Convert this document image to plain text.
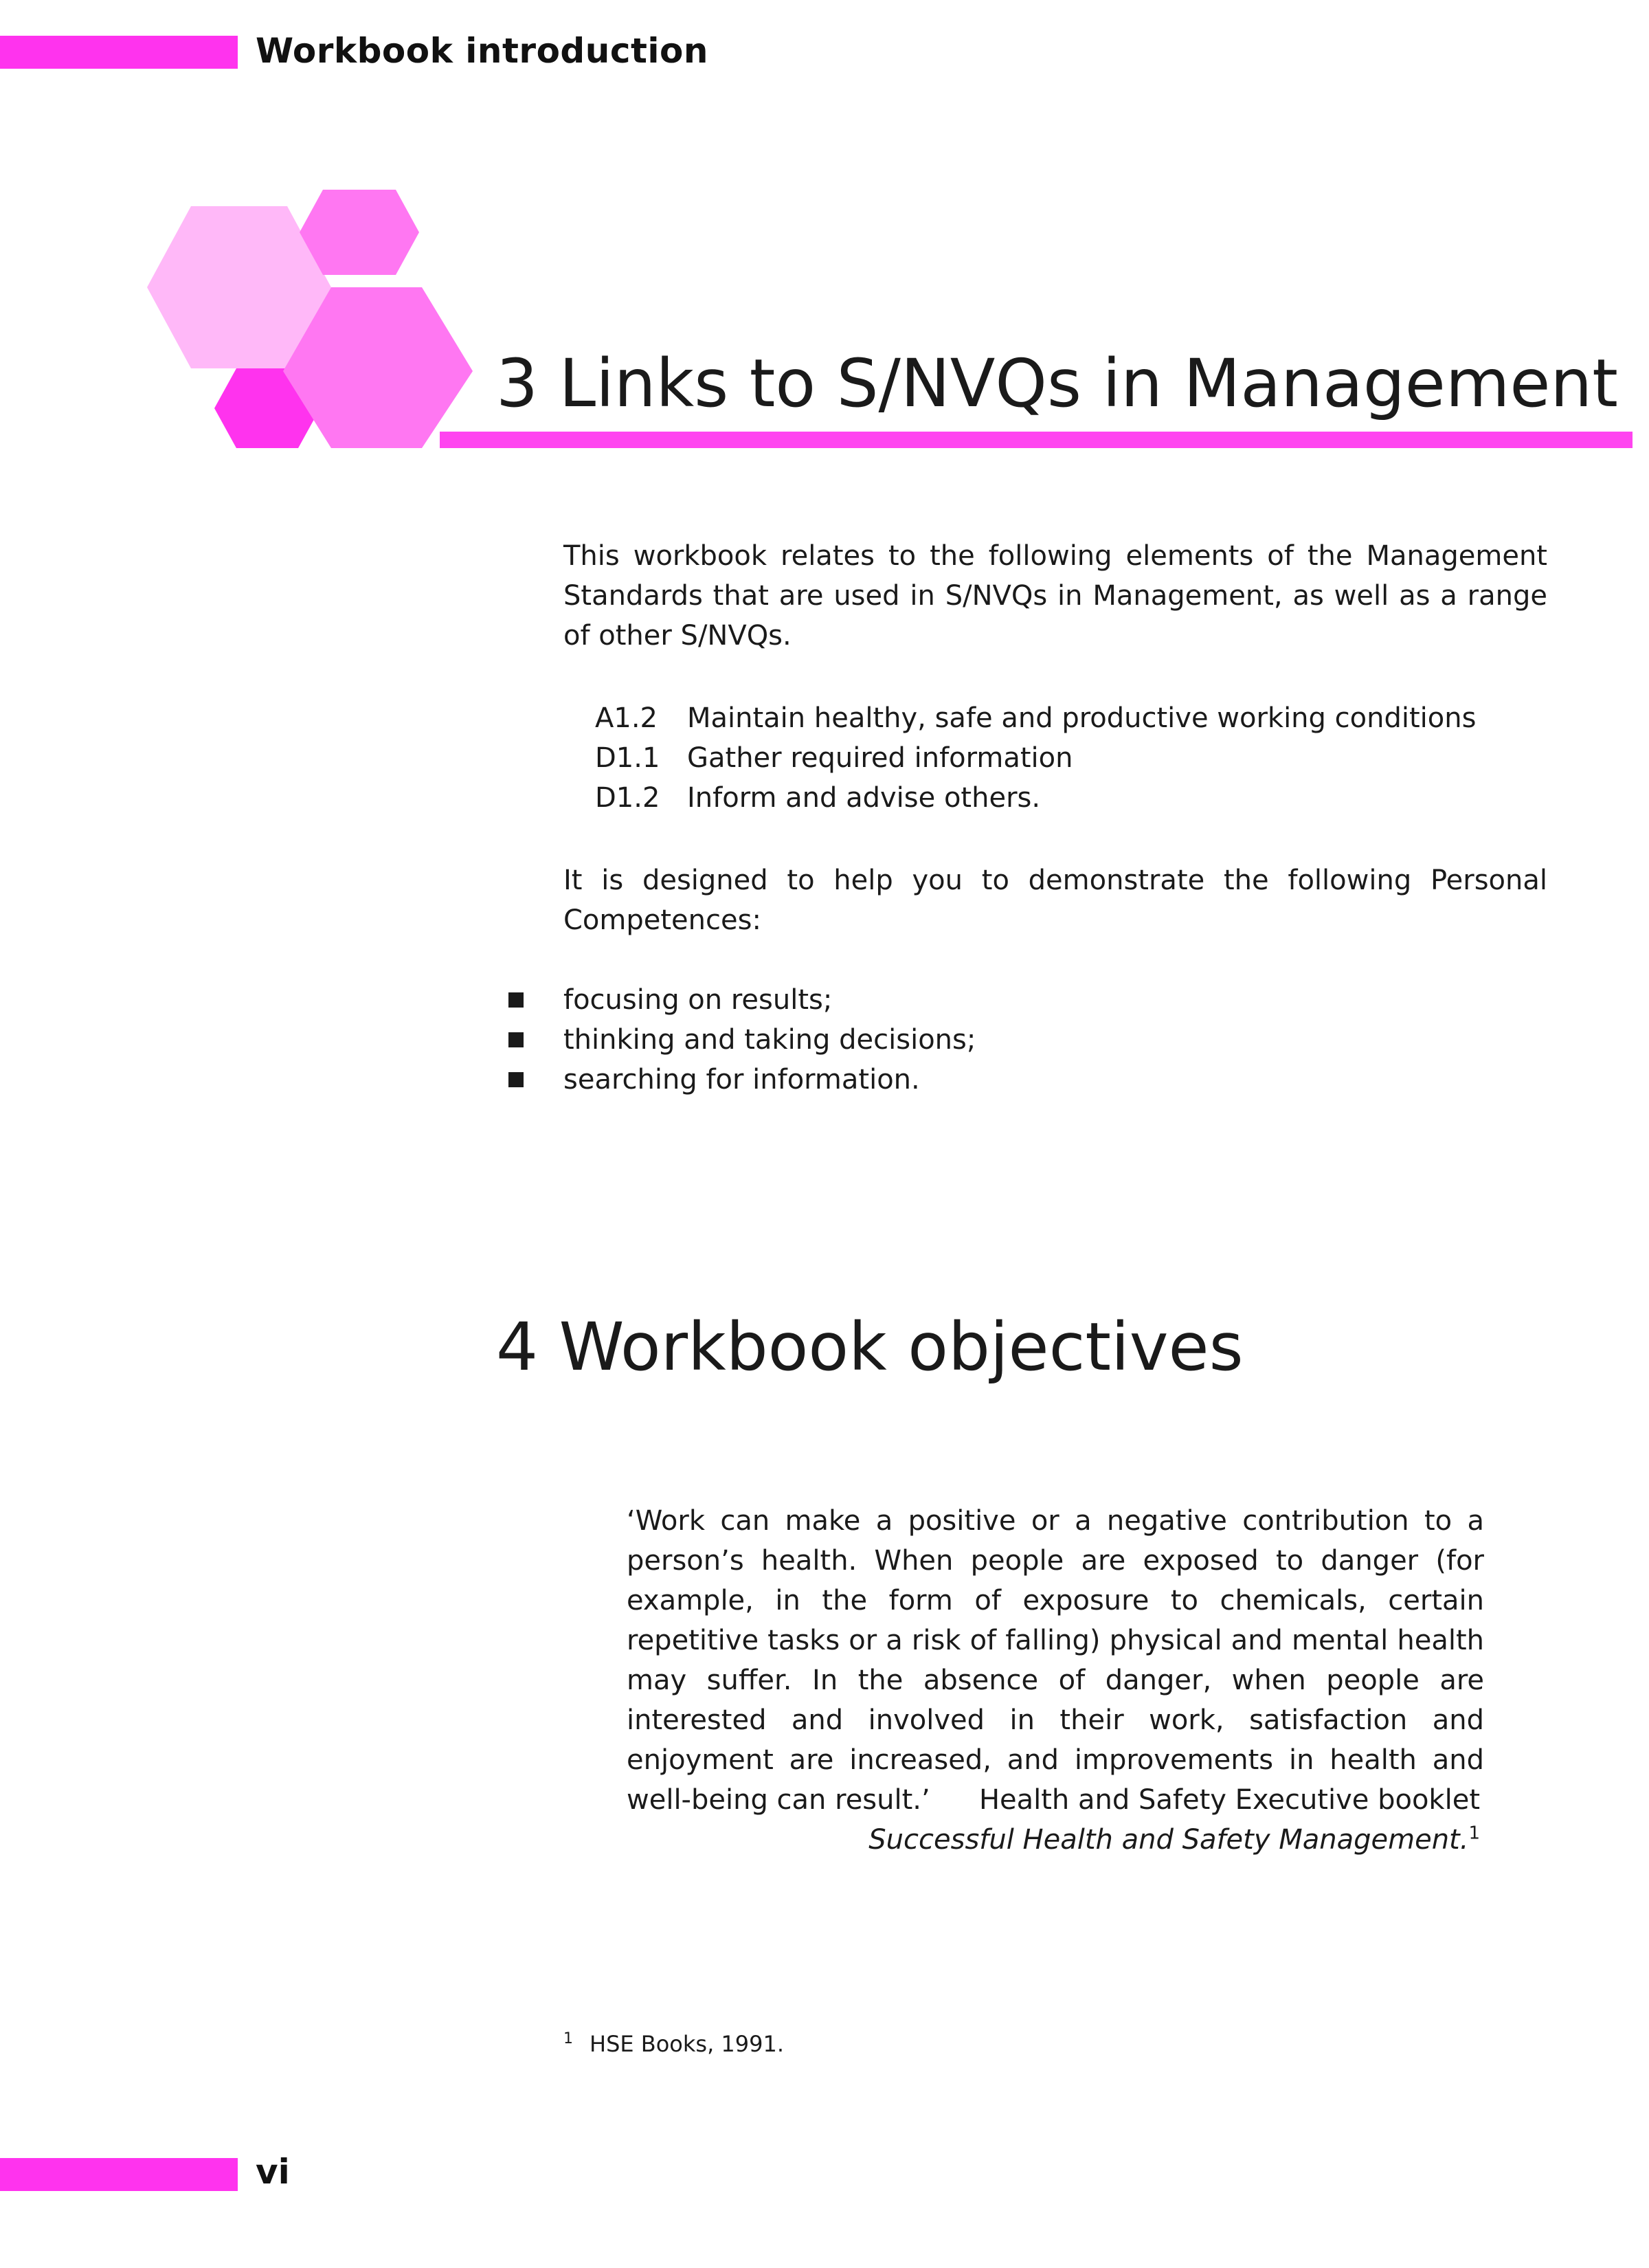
Workbook introduction
3 Links to S/NVQs in Management
This workbook relates to the following elements of the Management Standards that are used in S/NVQs in Management, as well as a range of other S/NVQs.
A1.2	Maintain healthy, safe and productive working conditions
D1.1 Gather required information
D1.2 Inform and advise others.
It is designed to help you to demonstrate the following Personal Competences:
focusing on results;
thinking and taking decisions;
searching for information.
4 Workbook objectives
‘Work can make a positive or a negative contribution to a person’s health. When people are exposed to danger (for example, in the form of exposure to chemicals, certain repetitive tasks or a risk of falling) physical and mental health may suffer. In the absence of danger, when people are interested and involved in their work, satisfaction and enjoyment are increased, and improvements in health and well-being can result.’	Health and Safety Executive booklet
Successful Health and Safety Management.$^1$
$^1$ HSE Books, 1991.
vi
